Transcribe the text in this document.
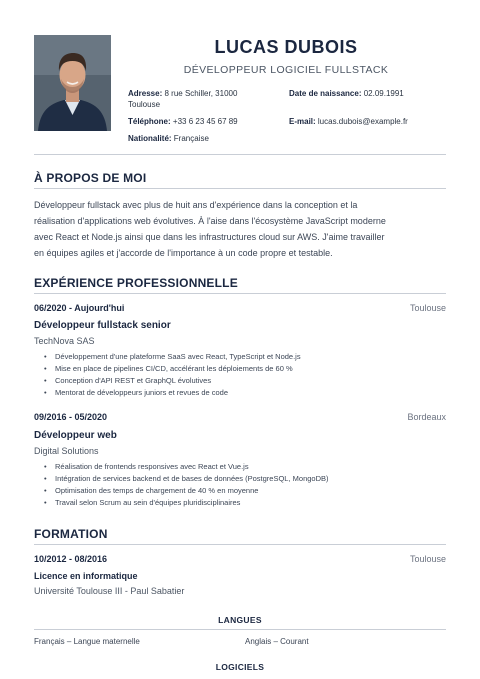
LUCAS DUBOIS
DÉVELOPPEUR LOGICIEL FULLSTACK
Adresse: 8 rue Schiller, 31000
Toulouse
Date de naissance: 02.09.1991
Téléphone: +33 6 23 45 67 89	E-mail: lucas.dubois@example.fr
Nationalité: Française
À PROPOS DE MOI
Développeur fullstack avec plus de huit ans d'expérience dans la conception et la
réalisation d'applications web évolutives. À l'aise dans l'écosystème JavaScript moderne
avec React et Node.js ainsi que dans les infrastructures cloud sur AWS. J'aime travailler
en équipes agiles et j'accorde de l'importance à un code propre et testable.
EXPÉRIENCE PROFESSIONNELLE
06/2020 - Aujourd'hui	Toulouse
Développeur fullstack senior
TechNova SAS
• Développement d'une plateforme SaaS avec React, TypeScript et Node.js
• Mise en place de pipelines CI/CD, accélérant les déploiements de 60 %
• Conception d'API REST et GraphQL évolutives
• Mentorat de développeurs juniors et revues de code
09/2016 - 05/2020	Bordeaux
Développeur web
Digital Solutions
• Réalisation de frontends responsives avec React et Vue.js
• Intégration de services backend et de bases de données (PostgreSQL, MongoDB)
• Optimisation des temps de chargement de 40 % en moyenne
• Travail selon Scrum au sein d'équipes pluridisciplinaires
FORMATION
10/2012 - 08/2016	Toulouse
Licence en informatique
Université Toulouse III - Paul Sabatier
LANGUES
Français – Langue maternelle	Anglais – Courant
LOGICIELS
